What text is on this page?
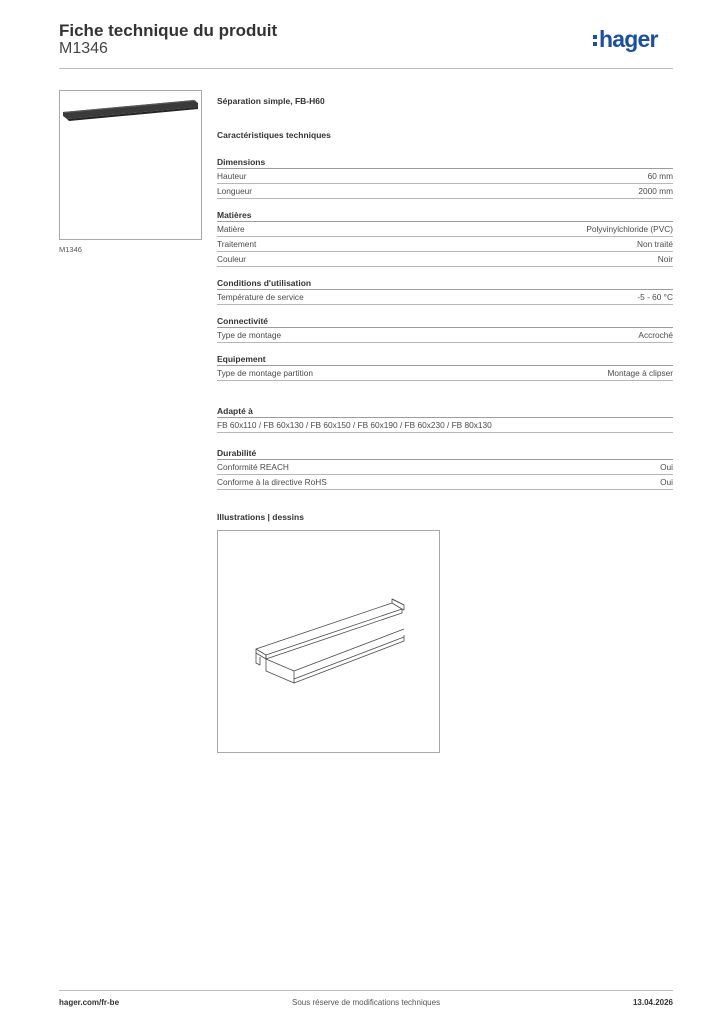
Fiche technique du produit
M1346	hager
M1346
Séparation simple, FB-H60
Caractéristiques techniques
Dimensions
Hauteur	60 mm
Longueur	2000 mm
Matières
Matière	Polyvinylchloride (PVC)
Traitement	Non traité
Couleur	Noir
Conditions d'utilisation
Température de service	-5 - 60 °C
Connectivité
Type de montage	Accroché
Equipement
Type de montage partition	Montage à clipser
Adapté à
FB 60x110 / FB 60x130 / FB 60x150 / FB 60x190 / FB 60x230 / FB 80x130
Durabilité
Conformité REACH	Oui
Conforme à la directive RoHS	Oui
Illustrations | dessins
hager.com/fr-be	Sous réserve de modifications techniques	13.04.2026
